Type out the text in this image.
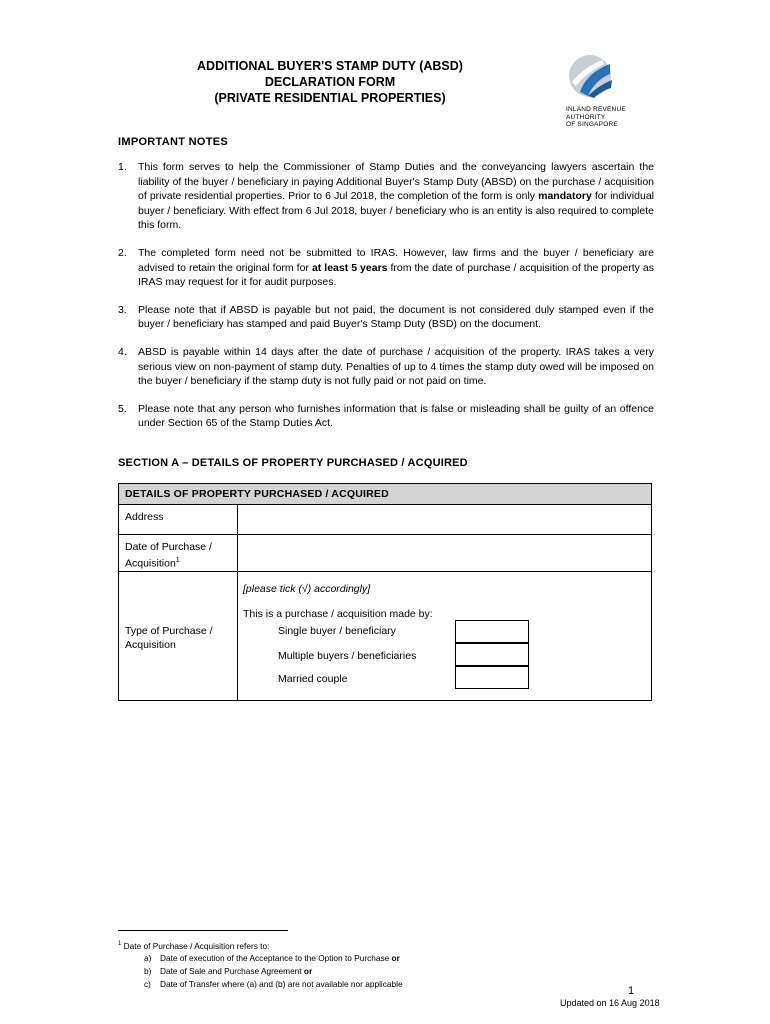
ADDITIONAL BUYER'S STAMP DUTY (ABSD)
DECLARATION FORM
(PRIVATE RESIDENTIAL PROPERTIES)
INLAND REVENUE
AUTHORITY
OF SINGAPORE
IMPORTANT NOTES
1. This form serves to help the Commissioner of Stamp Duties and the conveyancing lawyers ascertain the liability of the buyer / beneficiary in paying Additional Buyer's Stamp Duty (ABSD) on the purchase / acquisition of private residential properties. Prior to 6 Jul 2018, the completion of the form is only mandatory for individual buyer / beneficiary. With effect from 6 Jul 2018, buyer / beneficiary who is an entity is also required to complete this form.
2. The completed form need not be submitted to IRAS. However, law firms and the buyer / beneficiary are advised to retain the original form for at least 5 years from the date of purchase / acquisition of the property as IRAS may request for it for audit purposes.
3. Please note that if ABSD is payable but not paid, the document is not considered duly stamped even if the buyer / beneficiary has stamped and paid Buyer's Stamp Duty (BSD) on the document.
4. ABSD is payable within 14 days after the date of purchase / acquisition of the property. IRAS takes a very serious view on non-payment of stamp duty. Penalties of up to 4 times the stamp duty owed will be imposed on the buyer / beneficiary if the stamp duty is not fully paid or not paid on time.
5. Please note that any person who furnishes information that is false or misleading shall be guilty of an offence under Section 65 of the Stamp Duties Act.
SECTION A – DETAILS OF PROPERTY PURCHASED / ACQUIRED
DETAILS OF PROPERTY PURCHASED / ACQUIRED	
Address	
Date of Purchase / Acquisition$^1$	
Type of Purchase / Acquisition	[please tick (√) accordingly]
This is a purchase / acquisition made by:
Single buyer / beneficiary
Multiple buyers / beneficiaries
Married couple
$^1$ Date of Purchase / Acquisition refers to:
a) Date of execution of the Acceptance to the Option to Purchase or
b) Date of Sale and Purchase Agreement or
c) Date of Transfer where (a) and (b) are not available nor applicable
1
Updated on 16 Aug 2018
